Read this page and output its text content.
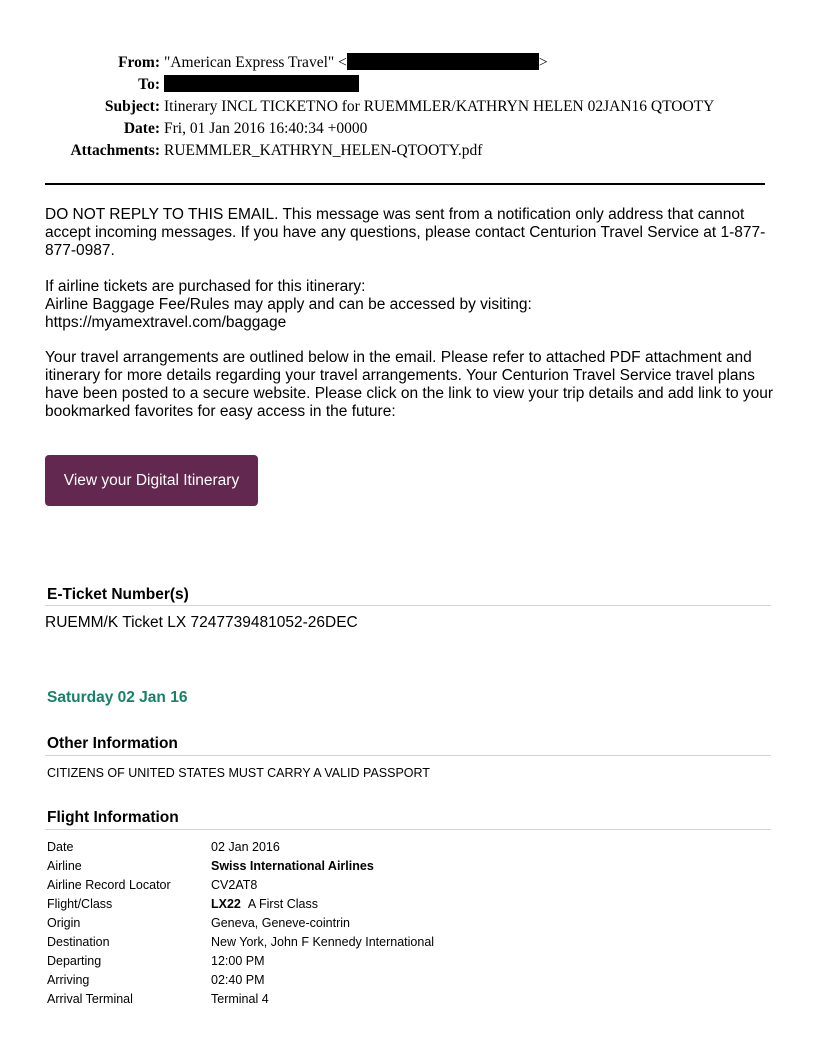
From: "American Express Travel" <	>
To:
Subject: Itinerary INCL TICKETNO for RUEMMLER/KATHRYN HELEN 02JAN16 QTOOTY
Date: Fri, 01 Jan 2016 16:40:34 +0000
Attachments: RUEMMLER_KATHRYN_HELEN-QTOOTY.pdf

DO NOT REPLY TO THIS EMAIL. This message was sent from a notification only address that cannot accept incoming messages. If you have any questions, please contact Centurion Travel Service at 1-877-877-0987.

If airline tickets are purchased for this itinerary:

Airline Baggage Fee/Rules may apply and can be accessed by visiting:

https://myamextravel.com/baggage

Your travel arrangements are outlined below in the email. Please refer to attached PDF attachment and itinerary for more details regarding your travel arrangements. Your Centurion Travel Service travel plans have been posted to a secure website. Please click on the link to view your trip details and add link to your bookmarked favorites for easy access in the future:

View your Digital Itinerary
E-Ticket Number(s)
RUEMM/K Ticket LX 7247739481052-26DEC
Saturday 02 Jan 16
Other Information
CITIZENS OF UNITED STATES MUST CARRY A VALID PASSPORT
Flight Information
Date	02 Jan 2016
Airline	Swiss International Airlines
Airline Record Locator	CV2AT8
Flight/Class	LX22 A First Class
Origin	Geneva, Geneve-cointrin
Destination	New York, John F Kennedy International
Departing	12:00 PM
Arriving	02:40 PM
Arrival Terminal	Terminal 4
